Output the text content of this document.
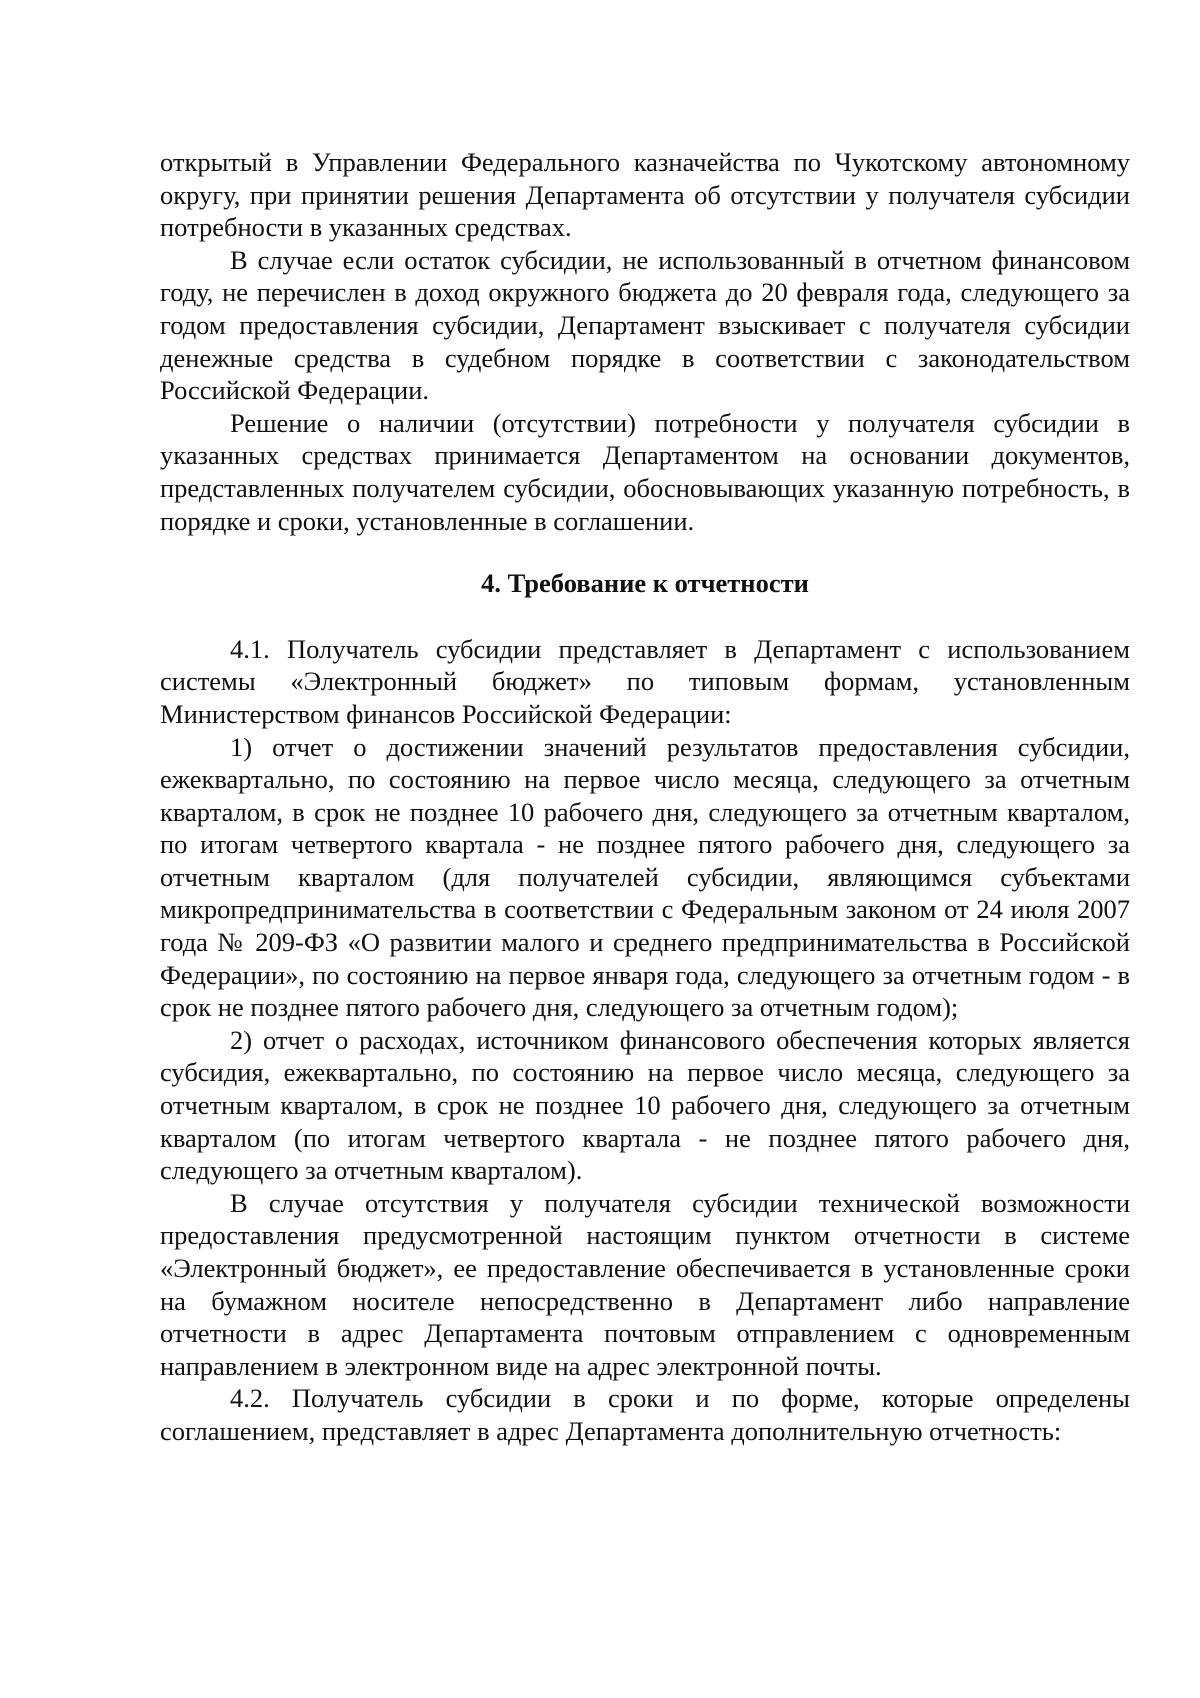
открытый в Управлении Федерального казначейства по Чукотскому автономному округу, при принятии решения Департамента об отсутствии у получателя субсидии потребности в указанных средствах.

В случае если остаток субсидии, не использованный в отчетном финансовом году, не перечислен в доход окружного бюджета до 20 февраля года, следующего за годом предоставления субсидии, Департамент взыскивает с получателя субсидии денежные средства в судебном порядке в соответствии с законодательством Российской Федерации.

Решение о наличии (отсутствии) потребности у получателя субсидии в указанных средствах принимается Департаментом на основании документов, представленных получателем субсидии, обосновывающих указанную потребность, в порядке и сроки, установленные в соглашении.

4. Требование к отчетности

4.1. Получатель субсидии представляет в Департамент с использованием системы «Электронный бюджет» по типовым формам, установленным Министерством финансов Российской Федерации:

1) отчет о достижении значений результатов предоставления субсидии, ежеквартально, по состоянию на первое число месяца, следующего за отчетным кварталом, в срок не позднее 10 рабочего дня, следующего за отчетным кварталом, по итогам четвертого квартала - не позднее пятого рабочего дня, следующего за отчетным кварталом (для получателей субсидии, являющимся субъектами микропредпринимательства в соответствии с Федеральным законом от 24 июля 2007 года № 209-ФЗ «О развитии малого и среднего предпринимательства в Российской Федерации», по состоянию на первое января года, следующего за отчетным годом - в срок не позднее пятого рабочего дня, следующего за отчетным годом);

2) отчет о расходах, источником финансового обеспечения которых является субсидия, ежеквартально, по состоянию на первое число месяца, следующего за отчетным кварталом, в срок не позднее 10 рабочего дня, следующего за отчетным кварталом (по итогам четвертого квартала - не позднее пятого рабочего дня, следующего за отчетным кварталом).

В случае отсутствия у получателя субсидии технической возможности предоставления предусмотренной настоящим пунктом отчетности в системе «Электронный бюджет», ее предоставление обеспечивается в установленные сроки на бумажном носителе непосредственно в Департамент либо направление отчетности в адрес Департамента почтовым отправлением с одновременным направлением в электронном виде на адрес электронной почты.

4.2. Получатель субсидии в сроки и по форме, которые определены соглашением, представляет в адрес Департамента дополнительную отчетность:
